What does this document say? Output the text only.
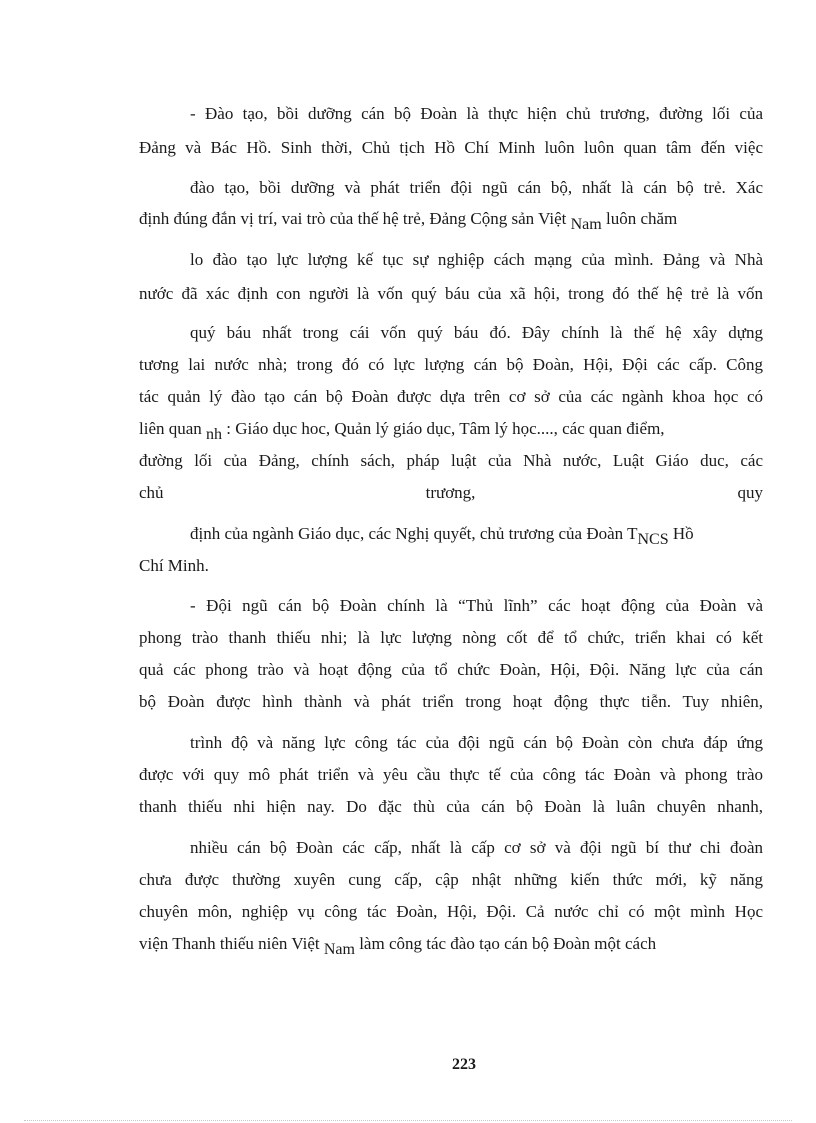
- Đào tạo, bồi dưỡng cán bộ Đoàn là thực hiện chủ trương, đường lối của
Đảng và Bác Hồ. Sinh thời, Chủ tịch Hồ Chí Minh luôn luôn quan tâm đến việc
đào tạo, bồi dưỡng và phát triển đội ngũ cán bộ, nhất là cán bộ trẻ. Xác
định đúng đắn vị trí, vai trò của thế hệ trẻ, Đảng Cộng sản Việt Nam luôn chăm
lo đào tạo lực lượng kế tục sự nghiệp cách mạng của mình. Đảng và Nhà
nước đã xác định con người là vốn quý báu của xã hội, trong đó thế hệ trẻ là vốn
quý báu nhất trong cái vốn quý báu đó. Đây chính là thế hệ xây dựng
tương lai nước nhà; trong đó có lực lượng cán bộ Đoàn, Hội, Đội các cấp. Công
tác quản lý đào tạo cán bộ Đoàn được dựa trên cơ sở của các ngành khoa học có
liên quan nh : Giáo dục hoc, Quản lý giáo dục, Tâm lý học...., các quan điểm,
đường lối của Đảng, chính sách, pháp luật của Nhà nước, Luật Giáo duc, các
chủ	trương,	quy
định của ngành Giáo dục, các Nghị quyết, chủ trương của Đoàn TNCS Hồ
Chí Minh.
- Đội ngũ cán bộ Đoàn chính là “Thủ lĩnh” các hoạt động của Đoàn và
phong trào thanh thiếu nhi; là lực lượng nòng cốt để tổ chức, triển khai có kết
quả các phong trào và hoạt động của tổ chức Đoàn, Hội, Đội. Năng lực của cán
bộ Đoàn được hình thành và phát triển trong hoạt động thực tiễn. Tuy nhiên,
trình độ và năng lực công tác của đội ngũ cán bộ Đoàn còn chưa đáp ứng
được với quy mô phát triển và yêu cầu thực tế của công tác Đoàn và phong trào
thanh thiếu nhi hiện nay. Do đặc thù của cán bộ Đoàn là luân chuyên nhanh,
nhiều cán bộ Đoàn các cấp, nhất là cấp cơ sở và đội ngũ bí thư chi đoàn
chưa được thường xuyên cung cấp, cập nhật những kiến thức mới, kỹ năng
chuyên môn, nghiệp vụ công tác Đoàn, Hội, Đội. Cả nước chỉ có một mình Học
viện Thanh thiếu niên Việt Nam làm công tác đào tạo cán bộ Đoàn một cách
223
